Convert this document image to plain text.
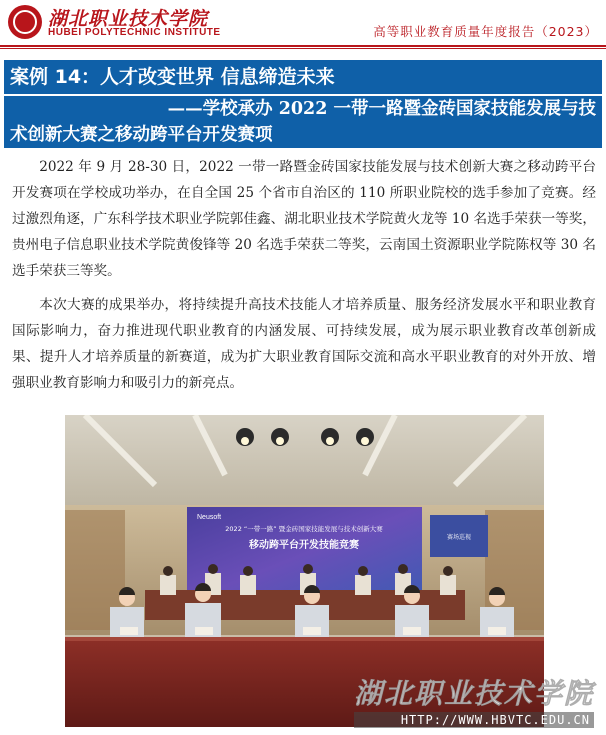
湖北职业技术学院
HUBEI POLYTECHNIC INSTITUTE	高等职业教育质量年度报告（2023）
案例 14：人才改变世界 信息缔造未来
——学校承办 2022 一带一路暨金砖国家技能发展与技
术创新大赛之移动跨平台开发赛项
2022 年 9 月 28-30 日，2022 一带一路暨金砖国家技能发展与技术创新大赛之移动跨平台开发赛项在学校成功举办，在自全国 25 个省市自治区的 110 所职业院校的选手参加了竞赛。经过激烈角逐，广东科学技术职业学院郭佳鑫、湖北职业技术学院黄火龙等 10 名选手荣获一等奖，贵州电子信息职业技术学院黄俊锋等 20 名选手荣获二等奖，云南国土资源职业学院陈权等 30 名选手荣获三等奖。
本次大赛的成果举办，将持续提升高技术技能人才培养质量、服务经济发展水平和职业教育国际影响力，奋力推进现代职业教育的内涵发展、可持续发展，成为展示职业教育改革创新成果、提升人才培养质量的新赛道，成为扩大职业教育国际交流和高水平职业教育的对外开放、增强职业教育影响力和吸引力的新亮点。
Neusoft
2022 “一带一路” 暨金砖国家技能发展与技术创新大赛
移动跨平台开发技能竞赛
赛场巡视
湖北职业技术学院
HTTP://WWW.HBVTC.EDU.CN
